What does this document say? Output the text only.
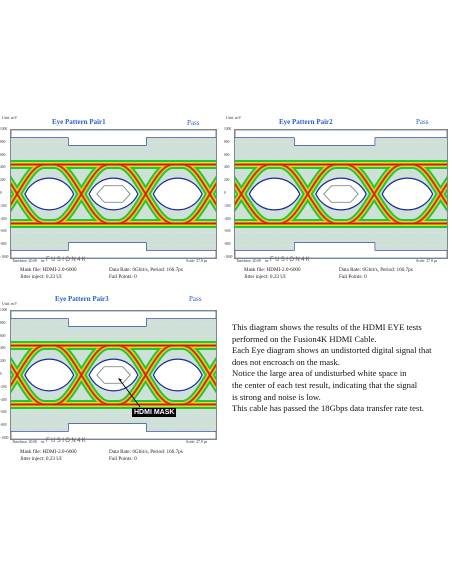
Unit: mV
Eye Pattern Pair1	Pass
1000
800
600
400
200
0
-200
-400
-600
-800
-1000
Timebase: 20.00 ns FUSION4K	Scale: 27.8 ps
Mask file: HDMI-2.0-6000
Jitter inject: 0.23 UI
Data Rate: 6Gbit/s, Period: 166.7ps
Fail Points: 0
Unit: mV
Eye Pattern Pair2	Pass
1000
800
600
400
200
0
-200
-400
-600
-800
-1000
Timebase: 20.00 ns FUSION4K	Scale: 27.8 ps
Mask file: HDMI-2.0-6000
Jitter inject: 0.23 UI
Data Rate: 6Gbit/s, Period: 166.7ps
Fail Points: 0
Unit: mV
Eye Pattern Pair3	Pass
1000
800
600
400
200
0
-200
-400
-600
-800
-1000
HDMI MASK
Timebase: 20.00 ns FUSION4K	Scale: 27.8 ps
Mask file: HDMI-2.0-6000
Jitter inject: 0.23 UI
Data Rate: 6Gbit/s, Period: 166.7ps
Fail Points: 0
This diagram shows the results of the HDMI EYE tests
performed on the Fusion4K HDMI Cable.
Each Eye diagram shows an undistorted digital signal that
does not encroach on the mask.
Notice the large area of undisturbed white space in
the center of each test result, indicating that the signal
is strong and noise is low.
This cable has passed the 18Gbps data transfer rate test.
